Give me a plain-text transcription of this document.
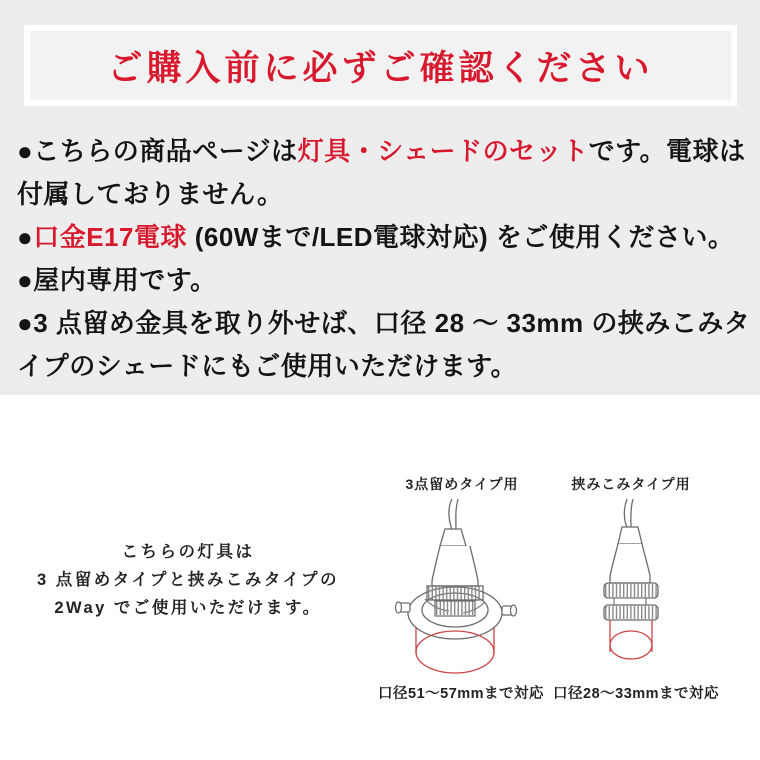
ご購入前に必ずご確認ください
●こちらの商品ページは灯具・シェードのセットです。電球は
付属しておりません。
●口金E17電球 (60Wまで/LED電球対応) をご使用ください。
●屋内専用です。
●3 点留め金具を取り外せば、口径 28 〜 33mm の挟みこみタ
イプのシェードにもご使用いただけます。
こちらの灯具は
3 点留めタイプと挟みこみタイプの
2Way でご使用いただけます。
3点留めタイプ用	挟みこみタイプ用
口径51〜57mmまで対応 口径28〜33mmまで対応
